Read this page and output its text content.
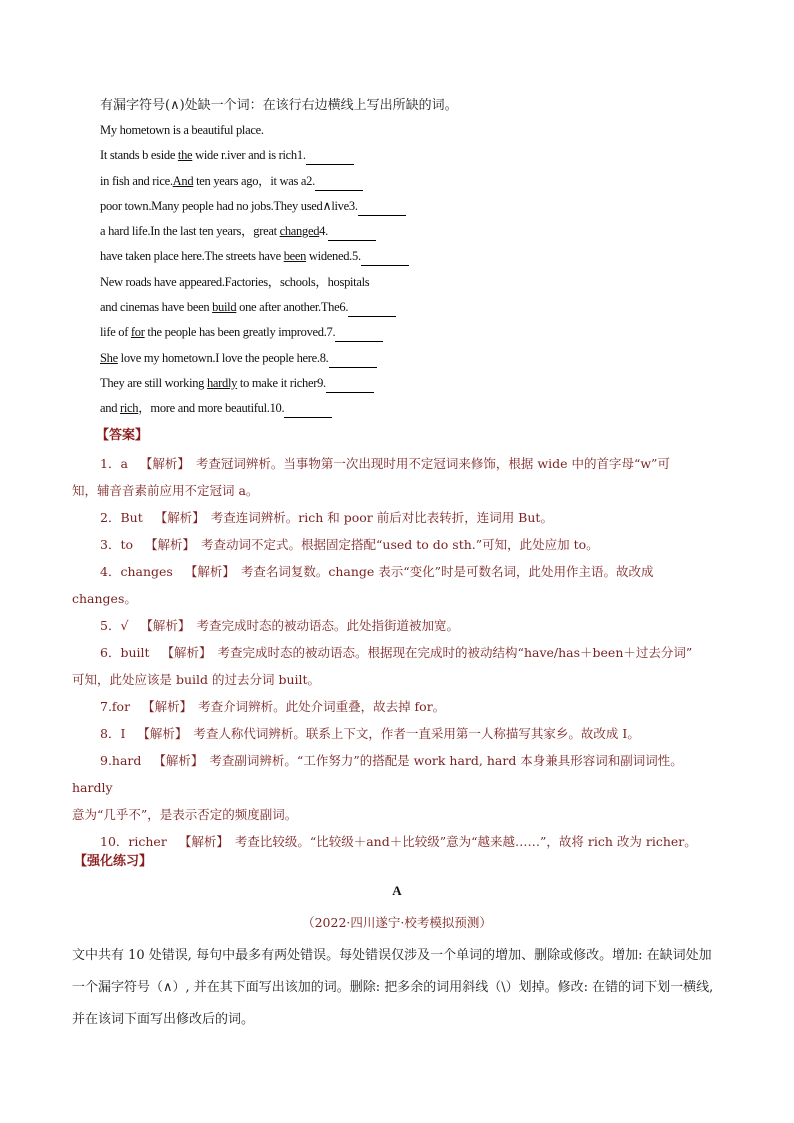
有漏字符号(∧)处缺一个词：在该行右边横线上写出所缺的词。
My hometown is a beautiful place.
It stands b eside the wide r.iver and is rich1.
in fish and rice.And ten years ago，it was a2.
poor town.Many people had no jobs.They used∧live3.
a hard life.In the last ten years，great changed4.
have taken place here.The streets have been widened.5.
New roads have appeared.Factories，schools，hospitals
and cinemas have been build one after another.The6.
life of for the people has been greatly improved.7.
She love my hometown.I love the people here.8.
They are still working hardly to make it richer9.
and rich，more and more beautiful.10.
【答案】
1．a 【解析】 考查冠词辨析。当事物第一次出现时用不定冠词来修饰，根据 wide 中的首字母“w”可
知，辅音音素前应用不定冠词 a。
2．But 【解析】 考查连词辨析。rich 和 poor 前后对比表转折，连词用 But。
3．to 【解析】 考查动词不定式。根据固定搭配“used to do sth.”可知，此处应加 to。
4．changes 【解析】 考查名词复数。change 表示“变化”时是可数名词，此处用作主语。故改成
changes。
5．√ 【解析】 考查完成时态的被动语态。此处指街道被加宽。
6．built 【解析】 考查完成时态的被动语态。根据现在完成时的被动结构“have/has＋been＋过去分词”
可知，此处应该是 build 的过去分词 built。
7.for 【解析】 考查介词辨析。此处介词重叠，故去掉 for。
8．I 【解析】 考查人称代词辨析。联系上下文，作者一直采用第一人称描写其家乡。故改成 I。
9.hard 【解析】 考查副词辨析。“工作努力”的搭配是 work hard, hard 本身兼具形容词和副词词性。hardly
意为“几乎不”，是表示否定的频度副词。
10．richer 【解析】 考查比较级。“比较级＋and＋比较级”意为“越来越……”，故将 rich 改为 richer。
【强化练习】
A
（2022·四川遂宁·校考模拟预测）
文中共有 10 处错误, 每句中最多有两处错误。每处错误仅涉及一个单词的增加、删除或修改。增加: 在缺词处加一个漏字符号（∧）, 并在其下面写出该加的词。删除: 把多余的词用斜线（\）划掉。修改: 在错的词下划一横线, 并在该词下面写出修改后的词。
